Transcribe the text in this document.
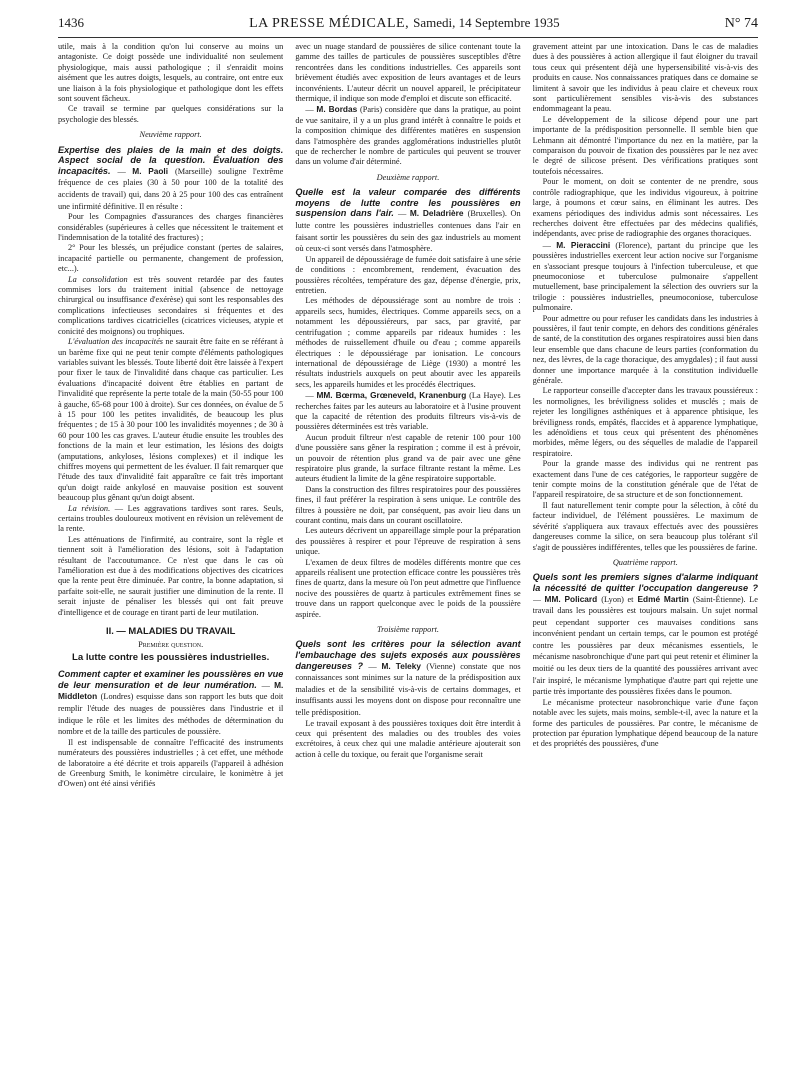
1436	LA PRESSE MÉDICALE, Samedi, 14 Septembre 1935	N° 74

utile, mais à la condition qu'on lui conserve au moins un antagoniste. Ce doigt possède une individualité non seulement physiologique, mais aussi pathologique ; il s'enraidit moins aisément que les autres doigts, lesquels, au contraire, ont entre eux une liaison à la fois physiologique et pathologique dont les effets sont souvent fâcheux.

Ce travail se termine par quelques considérations sur la psychologie des blessés.

Neuvième rapport.
Expertise des plaies de la main et des doigts. Aspect social de la question. Évaluation des incapacités. — M. Paoli (Marseille) souligne l'extrême fréquence de ces plaies (30 à 50 pour 100 de la totalité des accidents de travail) qui, dans 20 à 25 pour 100 des cas entraînent une infirmité définitive. Il en résulte :

Pour les Compagnies d'assurances des charges financières considérables (supérieures à celles que nécessitent le traitement et l'indemnisation de la totalité des fractures) ;

2° Pour les blessés, un préjudice constant (pertes de salaires, incapacité partielle ou permanente, changement de profession, etc...).

La consolidation est très souvent retardée par des fautes commises lors du traitement initial (absence de nettoyage chirurgical ou insuffisance d'exérèse) qui sont les responsables des complications infectieuses secondaires si fréquentes et des complications tardives cicatricielles (cicatrices vicieuses, atypie et conicité des moignons) ou trophiques.

L'évaluation des incapacités ne saurait être faite en se référant à un barème fixe qui ne peut tenir compte d'éléments pathologiques variables suivant les blessés. Toute liberté doit être laissée à l'expert pour fixer le taux de l'invalidité dans chaque cas particulier. Les évaluations d'incapacité doivent être établies en partant de l'invalidité que représente la perte totale de la main (50-55 pour 100 à gauche, 65-68 pour 100 à droite). Sur ces données, on évalue de 5 à 15 pour 100 les petites invalidités, de beaucoup les plus fréquentes ; de 15 à 30 pour 100 les invalidités moyennes ; de 30 à 60 pour 100 les cas graves. L'auteur étudie ensuite les troubles des fonctions de la main et leur estimation, les lésions des doigts (amputations, ankyloses, lésions complexes) et il indique les chiffres moyens qui permettent de les évaluer. Il fait remarquer que l'étude des taux d'invalidité fait apparaître ce fait très important qu'un doigt raide ankylosé en mauvaise position est souvent beaucoup plus gênant qu'un doigt absent.

La révision. — Les aggravations tardives sont rares. Seuls, certains troubles douloureux motivent en révision un relèvement de la rente.

Les atténuations de l'infirmité, au contraire, sont la règle et tiennent soit à l'amélioration des lésions, soit à l'adaptation résultant de l'accoutumance. Ce n'est que dans le cas où l'amélioration est due à des modifications objectives des cicatrices que la rente peut être diminuée. Par contre, la bonne adaptation, si parfaite soit-elle, ne saurait justifier une diminution de la rente. Il serait injuste de pénaliser les blessés qui ont fait preuve d'intelligence et de courage en tirant parti de leur mutilation.

II. — MALADIES DU TRAVAIL
Première question.
La lutte contre les poussières industrielles.
Comment capter et examiner les poussières en vue de leur mensuration et de leur numération. — M. Middleton (Londres) esquisse dans son rapport les buts que doit remplir l'étude des nuages de poussières dans l'industrie et il indique le rôle et les limites des méthodes de détermination du nombre et de la taille des particules de poussière.

Il est indispensable de connaître l'efficacité des instruments numérateurs des poussières industrielles ; à cet effet, une méthode de laboratoire a été décrite et trois appareils (l'appareil à adhésion de Greenburg Smith, le konimètre circulaire, le konimètre à jet d'Owen) ont été ainsi vérifiés

avec un nuage standard de poussières de silice contenant toute la gamme des tailles de particules de poussières susceptibles d'être rencontrées dans les conditions industrielles. Ces appareils sont brièvement étudiés avec exposition de leurs avantages et de leurs inconvénients. L'auteur décrit un nouvel appareil, le précipitateur thermique, il indique son mode d'emploi et discute son efficacité.

— M. Bordas (Paris) considère que dans la pratique, au point de vue sanitaire, il y a un plus grand intérêt à connaître le poids et la composition chimique des différentes matières en suspension dans l'atmosphère des grandes agglomérations industrielles plutôt que de rechercher le nombre de particules qui peuvent se trouver dans un volume d'air déterminé.

Deuxième rapport.
Quelle est la valeur comparée des différents moyens de lutte contre les poussières en suspension dans l'air. — M. Deladrière (Bruxelles). On lutte contre les poussières industrielles contenues dans l'air en faisant sortir les poussières du sein des gaz industriels au moment où ceux-ci sont versés dans l'atmosphère.

Un appareil de dépoussiérage de fumée doit satisfaire à une série de conditions : encombrement, rendement, évacuation des poussières récoltées, température des gaz, dépense d'énergie, prix, entretien.

Les méthodes de dépoussiérage sont au nombre de trois : appareils secs, humides, électriques. Comme appareils secs, on a notamment les dépoussiéreurs, par sacs, par gravité, par centrifugation ; comme appareils par rideaux humides : les méthodes de ruissellement d'huile ou d'eau ; comme appareils électriques : le dépoussiérage par ionisation. Le concours international de dépoussiérage de Liège (1930) a montré les résultats industriels auxquels on peut aboutir avec les appareils secs, les appareils humides et les procédés électriques.

— MM. Bœrma, Grœneveld, Kranenburg (La Haye). Les recherches faites par les auteurs au laboratoire et à l'usine prouvent que la capacité de rétention des produits filtreurs vis-à-vis de poussières déterminées est très variable.

Aucun produit filtreur n'est capable de retenir 100 pour 100 d'une poussière sans gêner la respiration ; comme il est à prévoir, un pouvoir de rétention plus grand va de pair avec une gêne respiratoire plus grande, la surface filtrante restant la même. Les auteurs étudient la limite de la gêne respiratoire supportable.

Dans la construction des filtres respiratoires pour des poussières fines, il faut préférer la respiration à sens unique. Le contrôle des filtres à poussière ne doit, par conséquent, pas avoir lieu dans un courant continu, mais dans un courant oscillatoire.

Les auteurs décrivent un appareillage simple pour la préparation des poussières à respirer et pour l'épreuve de respiration à sens unique.

L'examen de deux filtres de modèles différents montre que ces appareils réalisent une protection efficace contre les poussières très fines de quartz, dans la mesure où l'on peut admettre que l'influence nocive des poussières de quartz à particules extrêmement fines se trouve dans un rapport quelconque avec le poids de la poussière aspirée.

Troisième rapport.
Quels sont les critères pour la sélection avant l'embauchage des sujets exposés aux poussières dangereuses ? — M. Teleky (Vienne) constate que nos connaissances sont minimes sur la nature de la prédisposition aux maladies et de la sensibilité vis-à-vis de certains dommages, et insuffisants aussi les moyens dont on dispose pour reconnaître une telle prédisposition.

Le travail exposant à des poussières toxiques doit être interdit à ceux qui présentent des maladies ou des troubles des voies excrétoires, à ceux chez qui une maladie antérieure ajouterait son action à celle du toxique, ou ferait que l'organisme serait

gravement atteint par une intoxication. Dans le cas de maladies dues à des poussières à action allergique il faut éloigner du travail tous ceux qui présentent déjà une hypersensibilité vis-à-vis des produits en cause. Nos connaissances pratiques dans ce domaine se limitent à savoir que les individus à peau claire et cheveux roux sont particulièrement sensibles vis-à-vis des substances endommageant la peau.

Le développement de la silicose dépend pour une part importante de la prédisposition personnelle. Il semble bien que Lehmann ait démontré l'importance du nez en la matière, par la comparaison du pouvoir de fixation des poussières par le nez avec le degré de silicose présent. Des vérifications pratiques sont toutefois nécessaires.

Pour le moment, on doit se contenter de ne prendre, sous contrôle radiographique, que les individus vigoureux, à poitrine large, à poumons et cœur sains, en éliminant les autres. Des examens périodiques des individus admis sont nécessaires. Les recherches doivent être effectuées par des médecins qualifiés, indépendants, avec prise de radiographie des organes thoraciques.

— M. Pieraccini (Florence), partant du principe que les poussières industrielles exercent leur action nocive sur l'organisme en s'associant presque toujours à l'infection tuberculeuse, et que pneumoconiose et tuberculose pulmonaire s'appellent mutuellement, base principalement la sélection des ouvriers sur la trilogie : poussières industrielles, pneumoconiose, tuberculose pulmonaire.

Pour admettre ou pour refuser les candidats dans les industries à poussières, il faut tenir compte, en dehors des conditions générales de santé, de la constitution des organes respiratoires aussi bien dans leur ensemble que dans chacune de leurs parties (conformation du nez, des lèvres, de la cage thoracique, des amygdales) ; il faut aussi donner une importance marquée à la constitution individuelle générale.

Le rapporteur conseille d'accepter dans les travaux poussiéreux : les normolignes, les bréviligness solides et musclés ; mais de rejeter les longilignes asthéniques et à apparence phtisique, les bréviligness ronds, empâtés, flaccides et à apparence lymphatique, les adénoïdiens et tous ceux qui présentent des phénomènes morbides, même légers, ou des séquelles de maladie de l'appareil respiratoire.

Pour la grande masse des individus qui ne rentrent pas exactement dans l'une de ces catégories, le rapporteur suggère de tenir compte moins de la constitution générale que de l'état de l'appareil respiratoire, de sa structure et de son fonctionnement.

Il faut naturellement tenir compte pour la sélection, à côté du facteur individuel, de l'élément poussières. Le maximum de sévérité s'appliquera aux travaux effectués avec des poussières dangereuses comme la silice, on sera beaucoup plus tolérant s'il s'agit de poussières indifférentes, telles que les poussières de farine.

Quatrième rapport.
Quels sont les premiers signes d'alarme indiquant la nécessité de quitter l'occupation dangereuse ? — MM. Policard (Lyon) et Edmé Martin (Saint-Étienne). Le travail dans les poussières est toujours malsain. Un sujet normal peut cependant supporter ces mauvaises conditions sans inconvénient pendant un certain temps, car le poumon est protégé contre les poussières par deux mécanismes essentiels, le mécanisme nasobronchique d'une part qui peut retenir et éliminer la moitié ou les deux tiers de la quantité des poussières arrivant avec l'air inspiré, le mécanisme lymphatique d'autre part qui rejette une partie très importante des poussières fixées dans le poumon.

Le mécanisme protecteur nasobronchique varie d'une façon notable avec les sujets, mais moins, semble-t-il, avec la nature et la forme des particules de poussières. Par contre, le mécanisme de protection par épuration lymphatique dépend beaucoup de la nature et des propriétés des poussières, d'une
